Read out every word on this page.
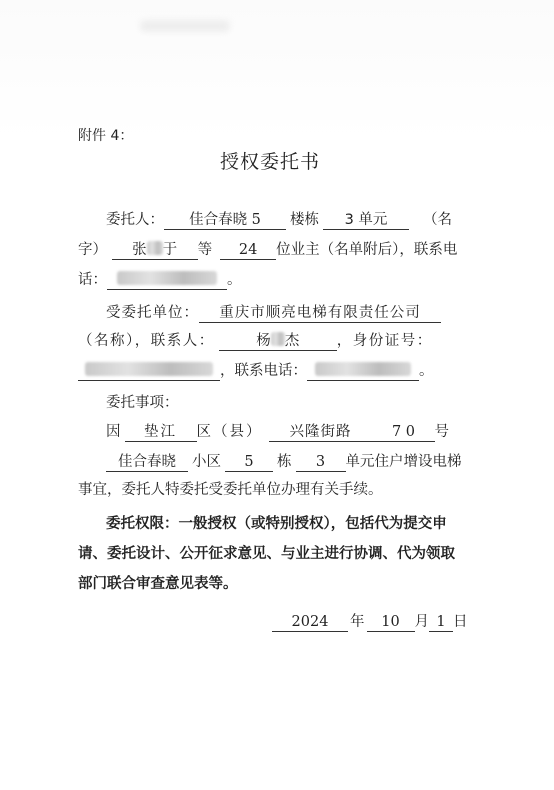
附件 4：
授权委托书
委托人： 佳合春晓 5 楼栋 3 单元 （名
字） 张 于 等 24 位业主（名单附后），联系电
话：	。
受委托单位： 重庆市顺亮电梯有限责任公司
（名称），联系人：	杨 杰	，身份证号：
，联系电话：	。
委托事项：
因 垫江 区（县） 兴隆街路	7 0 号
佳合春晓 小区 5 栋 3 单元住户增设电梯
事宜，委托人特委托受委托单位办理有关手续。
委托权限：一般授权（或特别授权），包括代为提交申
请、委托设计、公开征求意见、与业主进行协调、代为领取
部门联合审查意见表等。
2024 年 10 月 1 日
